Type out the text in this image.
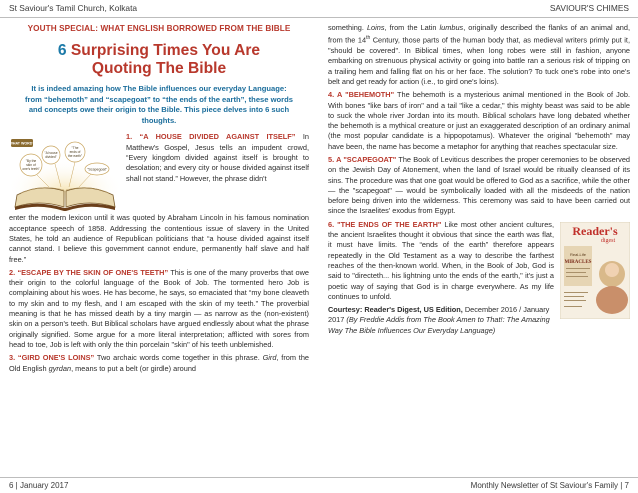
St Saviour's Tamil Church, Kolkata	SAVIOUR'S CHIMES
YOUTH SPECIAL: WHAT ENGLISH BORROWED FROM THE BIBLE
6 Surprising Times You Are
Quoting The Bible
It is indeed amazing how The Bible influences our everyday Language: from “behemoth” and “scapegoat” to “the ends of the earth”, these words and concepts owe their origin to the Bible. This piece delves into 6 such thoughts.
WHAT WORD?
"By the
skin of
one's teeth"
"A house
divided"
"The
ends of
the earth"
"Scapegoat"
1. “A HOUSE DIVIDED AGAINST ITSELF” In Matthew's Gospel, Jesus tells an impudent crowd, “Every kingdom divided against itself is brought to desolation; and every city or house divided against itself shall not stand.” However, the phrase didn't
enter the modern lexicon until it was quoted by Abraham Lincoln in his famous nomination acceptance speech of 1858. Addressing the contentious issue of slavery in the United States, he told an audience of Republican politicians that “a house divided against itself cannot stand. I believe this government cannot endure, permanently half slave and half free.”
2. “ESCAPE BY THE SKIN OF ONE'S TEETH” This is one of the many proverbs that owe their origin to the colorful language of the Book of Job. The tormented hero Job is complaining about his woes. He has become, he says, so emaciated that “my bone cleaveth to my skin and to my flesh, and I am escaped with the skin of my teeth.” The proverbial meaning is that he has missed death by a tiny margin — as narrow as the (non-existent) skin on a person's teeth. But Biblical scholars have argued endlessly about what the phrase originally signified. Some argue for a more literal interpretation; afflicted with sores from head to toe, Job is left with only the thin porcelain "skin" of his teeth unblemished.
3. “GIRD ONE'S LOINS” Two archaic words come together in this phrase. Gird, from the Old English gyrdan, means to put a belt (or girdle) around
something. Loins, from the Latin lumbus, originally described the flanks of an animal and, from the 14th Century, those parts of the human body that, as medieval writers primly put it, "should be covered". In Biblical times, when long robes were still in fashion, anyone embarking on strenuous physical activity or going into battle ran a serious risk of tripping on a trailing hem and falling flat on his or her face. The solution? To tuck one's robe into one's belt and get ready for action (i.e., to gird one's loins).
4. A "BEHEMOTH" The behemoth is a mysterious animal mentioned in the Book of Job. With bones "like bars of iron" and a tail "like a cedar," this mighty beast was said to be able to suck the whole river Jordan into its mouth. Biblical scholars have long debated whether the behemoth is a mythical creature or just an exaggerated description of an ordinary animal (the most popular candidate is a hippopotamus). Whatever the original "behemoth" may have been, the name has become a metaphor for anything that reaches spectacular size.
5. A "SCAPEGOAT" The Book of Leviticus describes the proper ceremonies to be observed on the Jewish Day of Atonement, when the land of Israel would be ritually cleansed of its sins. The procedure was that one goat would be offered to God as a sacrifice, while the other — the "scapegoat" — would be symbolically loaded with all the misdeeds of the nation before being driven into the wilderness. This ceremony was said to have been carried out since the Israelites' exodus from Egypt.
Reader's
digest
Real-Life
MIRACLES
6. "THE ENDS OF THE EARTH" Like most other ancient cultures, the ancient Israelites thought it obvious that since the earth was flat, it must have limits. The “ends of the earth” therefore appears repeatedly in the Old Testament as a way to describe the farthest reaches of the then-known world. When, in the Book of Job, God is said to "directeth... his lightning unto the ends of the earth," it's just a poetic way of saying that God is in charge everywhere. As my life continues to unfold.
Courtesy: Reader's Digest, US Edition, December 2016 / January 2017 (By Freddie Addis from The Book Amen to That!: The Amazing Way The Bible Influences Our Everyday Language)
6 | January 2017	Monthly Newsletter of St Saviour's Family | 7
